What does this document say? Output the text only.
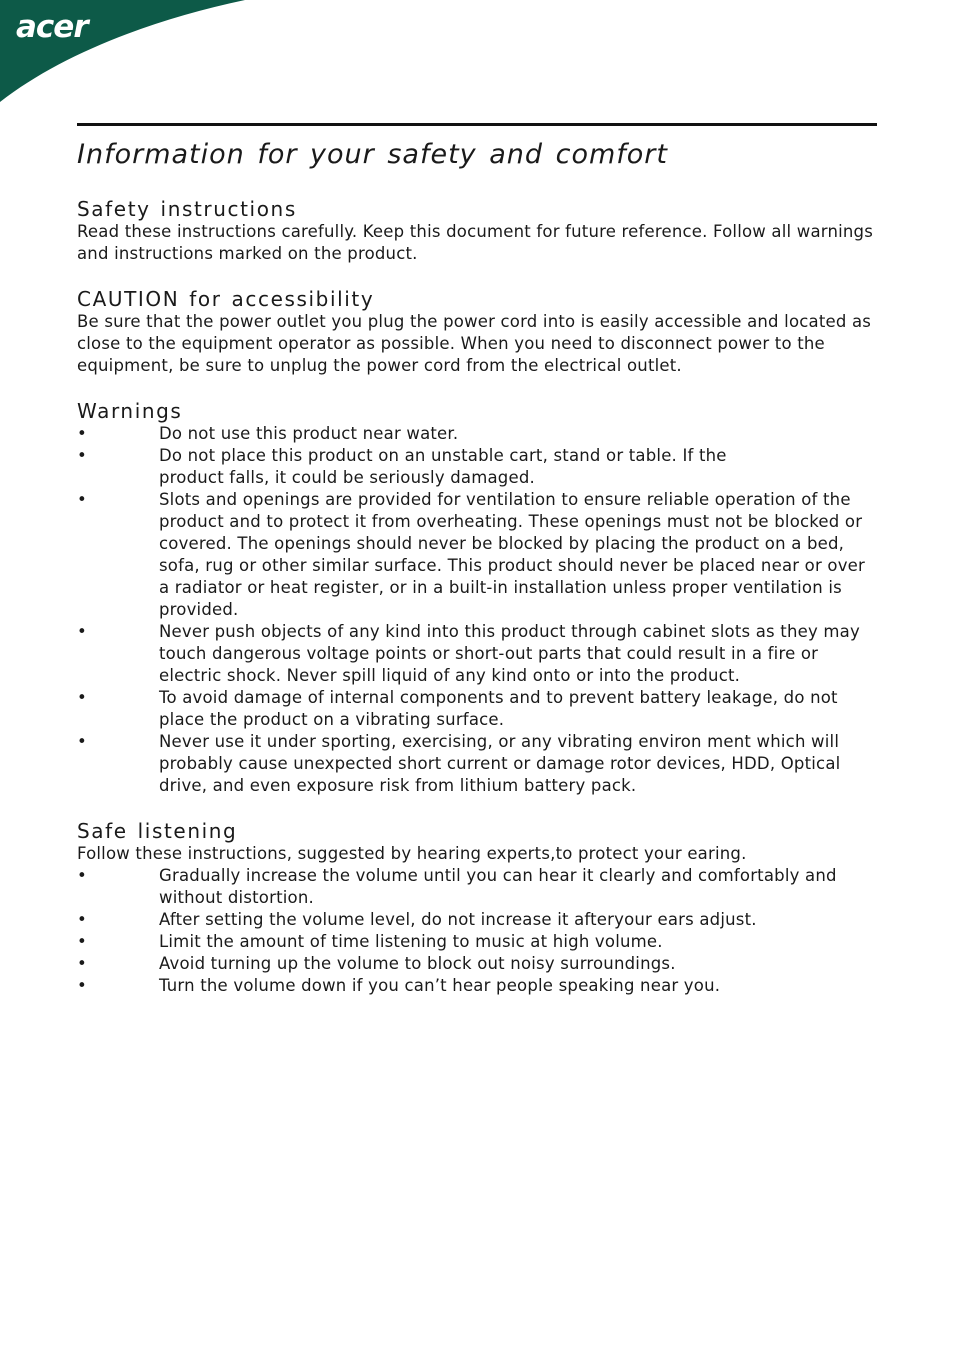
acer
Information for your safety and comfort
Safety instructions

Read these instructions carefully. Keep this document for future reference. Follow all warnings and instructions marked on the product.

CAUTION for accessibility

Be sure that the power outlet you plug the power cord into is easily accessible and located as close to the equipment operator as possible. When you need to disconnect power to the equipment, be sure to unplug the power cord from the electrical outlet.

Warnings
•	Do not use this product near water.
•	Do not place this product on an unstable cart, stand or table. If the product falls, it could be seriously damaged.
•	Slots and openings are provided for ventilation to ensure reliable operation of the product and to protect it from overheating. These openings must not be blocked or covered. The openings should never be blocked by placing the product on a bed, sofa, rug or other similar surface. This product should never be placed near or over a radiator or heat register, or in a built-in installation unless proper ventilation is provided.
•	Never push objects of any kind into this product through cabinet slots as they may touch dangerous voltage points or short-out parts that could result in a fire or electric shock. Never spill liquid of any kind onto or into the product.
•	To avoid damage of internal components and to prevent battery leakage, do not place the product on a vibrating surface.
•	Never use it under sporting, exercising, or any vibrating environ ment which will probably cause unexpected short current or damage rotor devices, HDD, Optical drive, and even exposure risk from lithium battery pack.
Safe listening

Follow these instructions, suggested by hearing experts,to protect your earing.

•	Gradually increase the volume until you can hear it clearly and comfortably and without distortion.
•	After setting the volume level, do not increase it afteryour ears adjust.
•	Limit the amount of time listening to music at high volume.
•	Avoid turning up the volume to block out noisy surroundings.
•	Turn the volume down if you can’t hear people speaking near you.
